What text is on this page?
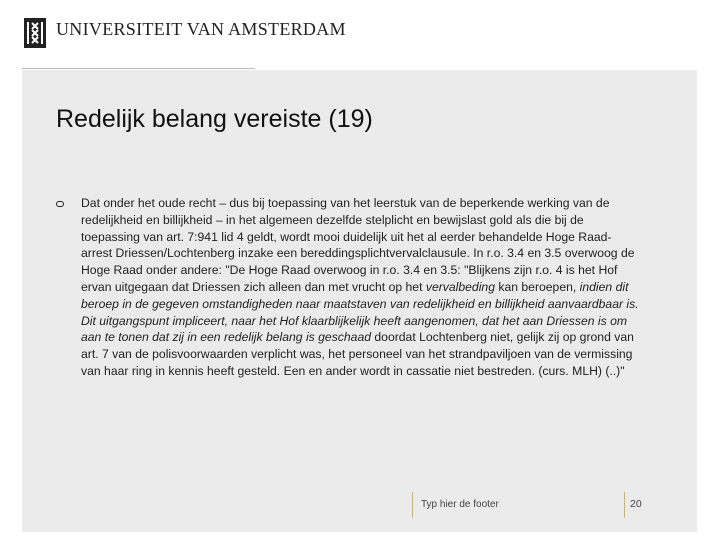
UNIVERSITEIT VAN AMSTERDAM
Redelijk belang vereiste (19)

Dat onder het oude recht – dus bij toepassing van het leerstuk van de beperkende werking van de redelijkheid en billijkheid – in het algemeen dezelfde stelplicht en bewijslast gold als die bij de toepassing van art. 7:941 lid 4 geldt, wordt mooi duidelijk uit het al eerder behandelde Hoge Raad-arrest Driessen/Lochtenberg inzake een bereddingsplichtvervalclausule. In r.o. 3.4 en 3.5 overwoog de Hoge Raad onder andere: "De Hoge Raad overwoog in r.o. 3.4 en 3.5: "Blijkens zijn r.o. 4 is het Hof ervan uitgegaan dat Driessen zich alleen dan met vrucht op het vervalbeding kan beroepen, indien dit beroep in de gegeven omstandigheden naar maatstaven van redelijkheid en billijkheid aanvaardbaar is. Dit uitgangspunt impliceert, naar het Hof klaarblijkelijk heeft aangenomen, dat het aan Driessen is om aan te tonen dat zij in een redelijk belang is geschaad doordat Lochtenberg niet, gelijk zij op grond van art. 7 van de polisvoorwaarden verplicht was, het personeel van het strandpaviljoen van de vermissing van haar ring in kennis heeft gesteld. Een en ander wordt in cassatie niet bestreden. (curs. MLH) (..)"

Typ hier de footer	20
